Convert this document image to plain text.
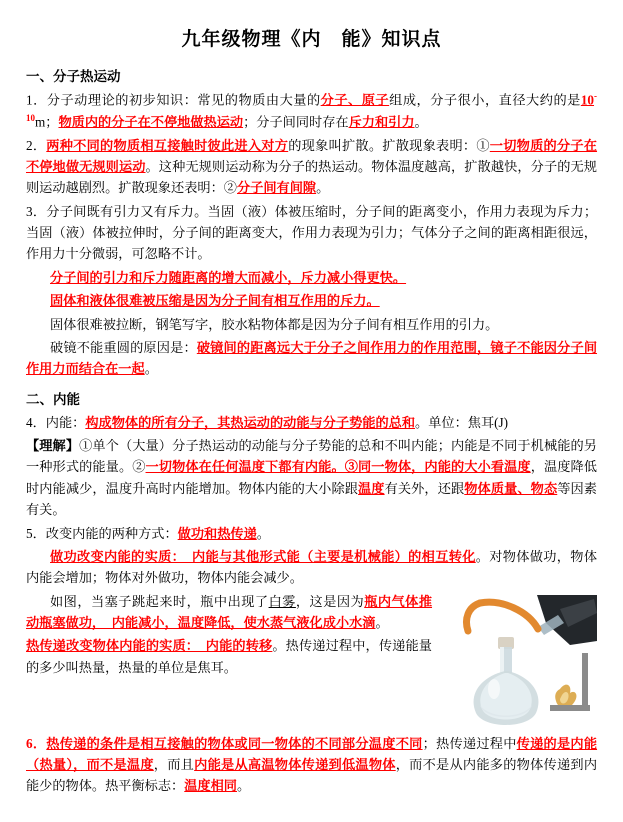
九年级物理《内　能》知识点
一、分子热运动

1．分子动理论的初步知识：常见的物质由大量的分子、原子组成，分子很小，直径大约的是$10^{-10}m$；物质内的分子在不停地做热运动；分子间同时存在斥力和引力。

2．两种不同的物质相互接触时彼此进入对方的现象叫扩散。扩散现象表明：①一切物质的分子在不停地做无规则运动。这种无规则运动称为分子的热运动。物体温度越高，扩散越快，分子的无规则运动越剧烈。扩散现象还表明：②分子间有间隙。

3．分子间既有引力又有斥力。当固（液）体被压缩时，分子间的距离变小，作用力表现为斥力；当固（液）体被拉伸时，分子间的距离变大，作用力表现为引力；气体分子之间的距离相距很远，作用力十分微弱，可忽略不计。

分子间的引力和斥力随距离的增大而减小，斥力减小得更快。

固体和液体很难被压缩是因为分子间有相互作用的斥力。

固体很难被拉断，钢笔写字，胶水粘物体都是因为分子间有相互作用的引力。

破镜不能重圆的原因是：破镜间的距离远大于分子之间作用力的作用范围，镜子不能因分子间作用力而结合在一起。

二、内能

4．内能：构成物体的所有分子，其热运动的动能与分子势能的总和。单位：焦耳(J)

【理解】①单个（大量）分子热运动的动能与分子势能的总和不叫内能；内能是不同于机械能的另一种形式的能量。②一切物体在任何温度下都有内能。③同一物体，内能的大小看温度，温度降低时内能减少，温度升高时内能增加。物体内能的大小除跟温度有关外，还跟物体质量、物态等因素有关。

5．改变内能的两种方式：做功和热传递。

做功改变内能的实质：　内能与其他形式能（主要是机械能）的相互转化。对物体做功，物体内能会增加；物体对外做功，物体内能会减少。

如图，当塞子跳起来时，瓶中出现了白雾，这是因为瓶内气体推动瓶塞做功，　内能减小，温度降低，使水蒸气液化成小水滴。

热传递改变物体内能的实质：　内能的转移。热传递过程中，传递能量的多少叫热量，热量的单位是焦耳。

6．热传递的条件是相互接触的物体或同一物体的不同部分温度不同；热传递过程中传递的是内能（热量），而不是温度，而且内能是从高温物体传递到低温物体，而不是从内能多的物体传递到内能少的物体。热平衡标志：温度相同。
